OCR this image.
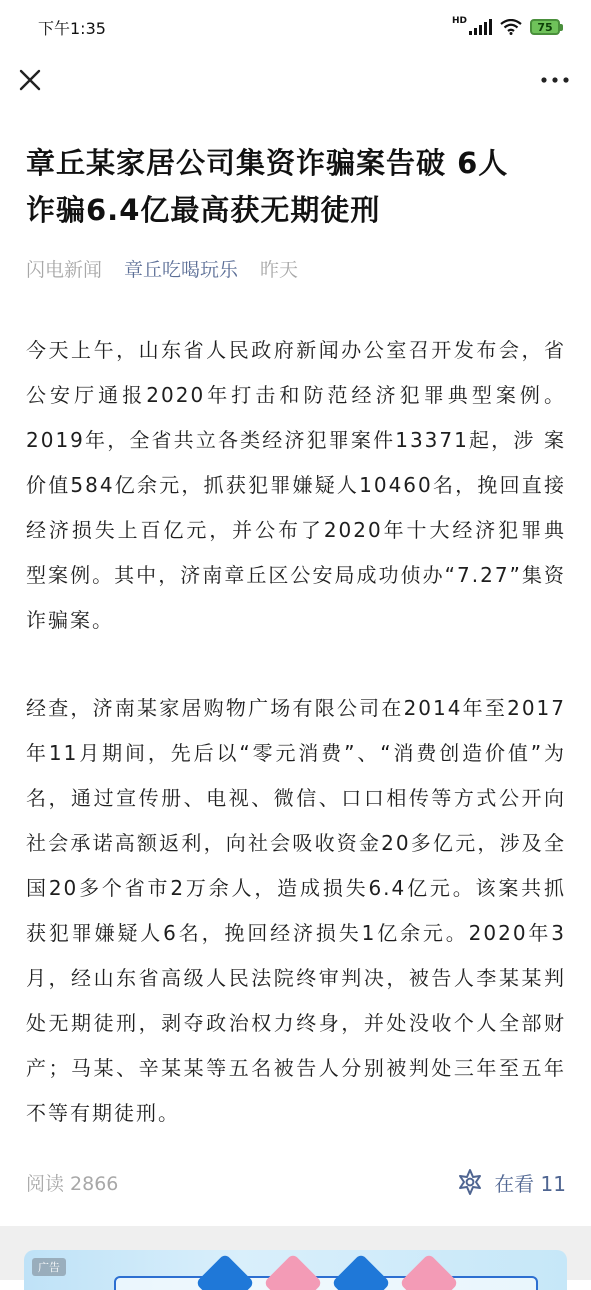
下午1:35	HD	75
章丘某家居公司集资诈骗案告破 6人
诈骗6.4亿最高获无期徒刑
闪电新闻 章丘吃喝玩乐 昨天

今天上午，山东省人民政府新闻办公室召开发布会，省公安厅通报2020年打击和防范经济犯罪典型案例。2019年，全省共立各类经济犯罪案件13371起，涉 案价值584亿余元，抓获犯罪嫌疑人10460名，挽回直接经济损失上百亿元，并公布了2020年十大经济犯罪典型案例。其中，济南章丘区公安局成功侦办“7.27”集资诈骗案。

经查，济南某家居购物广场有限公司在2014年至2017年11月期间，先后以“零元消费”、“消费创造价值”为名，通过宣传册、电视、微信、口口相传等方式公开向社会承诺高额返利，向社会吸收资金20多亿元，涉及全国20多个省市2万余人，造成损失6.4亿元。该案共抓获犯罪嫌疑人6名，挽回经济损失1亿余元。2020年3月，经山东省高级人民法院终审判决，被告人李某某判处无期徒刑，剥夺政治权力终身，并处没收个人全部财产；马某、辛某某等五名被告人分别被判处三年至五年不等有期徒刑。

阅读 2866	在看 11
广告
